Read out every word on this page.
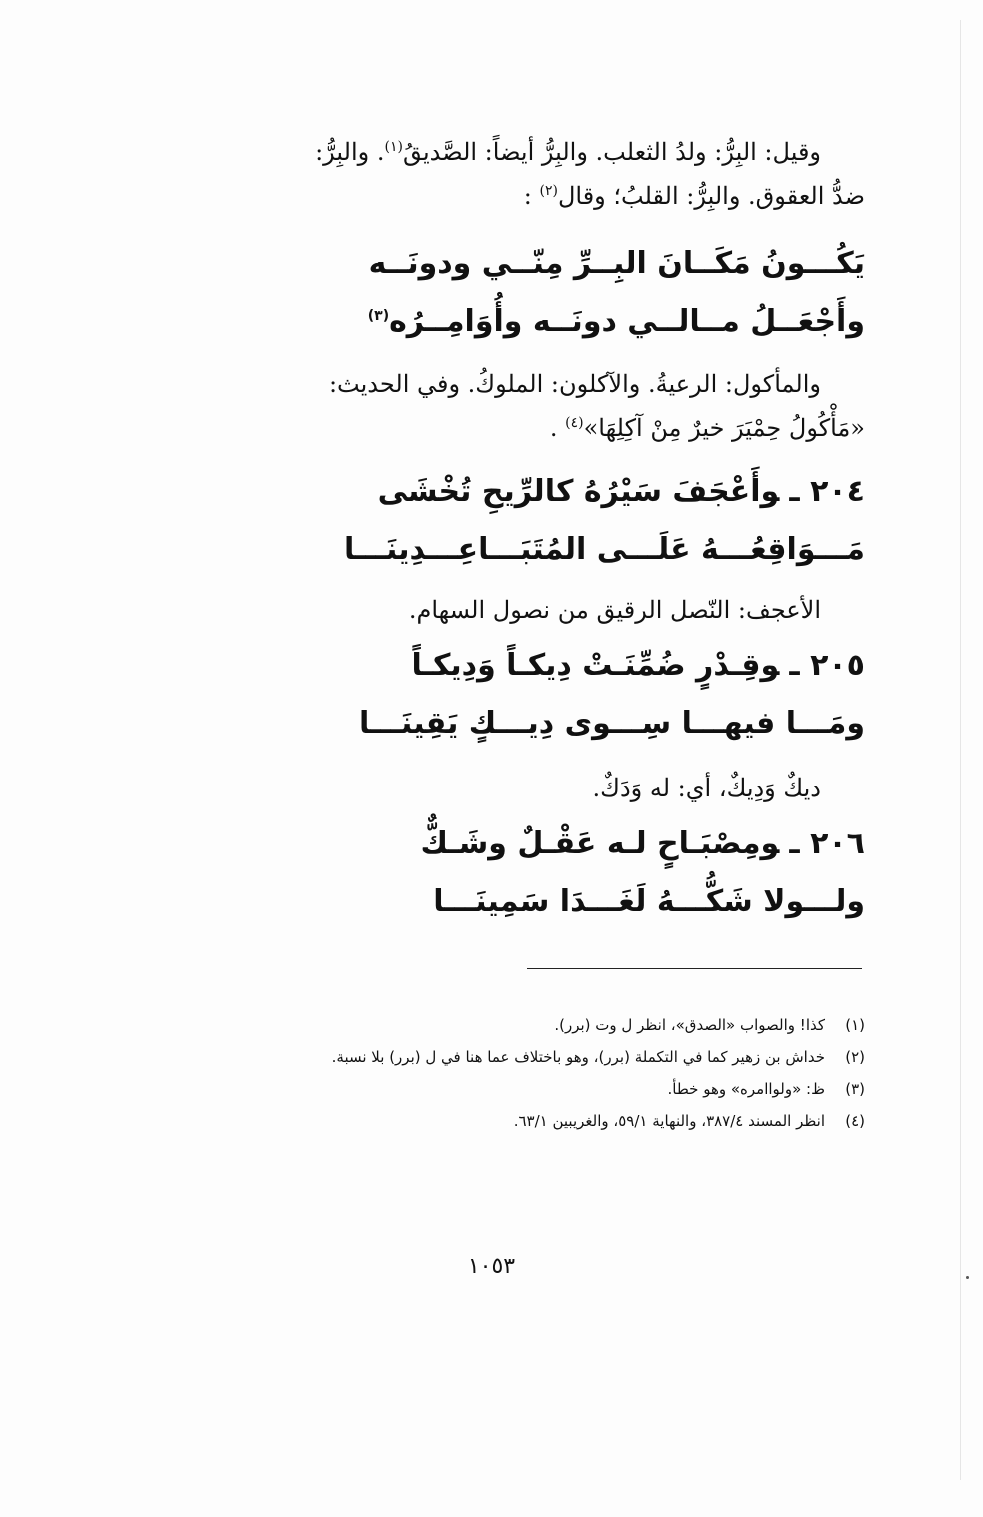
وقيل: البِرُّ: ولدُ الثعلب. والبِرُّ أيضاً: الصَّديقُ$^{(١)}$. والبِرُّ:
ضدُّ العقوق. والبِرُّ: القلبُ؛ وقال$^{(٢)}$ :
يَكُـــونُ مَكَــانَ البِــرِّ مِنّــي ودونَــه
وأَجْعَــلُ مــالــي دونَــه وأُوَامِــرُه$^{(٣)}$
والمأكول: الرعيةُ. والآكلون: الملوكُ. وفي الحديث:
«مَأْكُولُ حِمْيَرَ خيرٌ مِنْ آكِلِهَا»$^{(٤)}$ .
٢٠٤ ـوأَعْجَفَ سَيْرُهُ كالرِّيحِ تُخْشَى
مَـــوَاقِعُـــهُ عَلَـــى المُتَبَـــاعِـــدِينَـــا
الأعجف: النّصل الرقيق من نصول السهام.
٢٠٥ ـوقِـدْرٍ ضُمِّنَـتْ دِيكـاً وَدِيكـاً
ومَـــا فيهـــا سِـــوى دِيـــكٍ يَقِينَـــا
ديكٌ وَدِيكٌ، أي: له وَدَكٌ.
٢٠٦ ـومِصْبَـاحٍ لـه عَقْـلٌ وشَـكٌّ
ولـــولا شَكُّـــهُ لَغَـــدَا سَمِينَـــا
(١)
كذا! والصواب «الصدق»، انظر ل وت (برر).
(٢)
خداش بن زهير كما في التكملة (برر)، وهو باختلاف عما هنا في ل (برر) بلا نسبة.
(٣)
ظ: «ولواامره» وهو خطأ.
(٤)
انظر المسند ٣٨٧/٤، والنهاية ٥٩/١، والغريبين ٦٣/١.
١٠٥٣
